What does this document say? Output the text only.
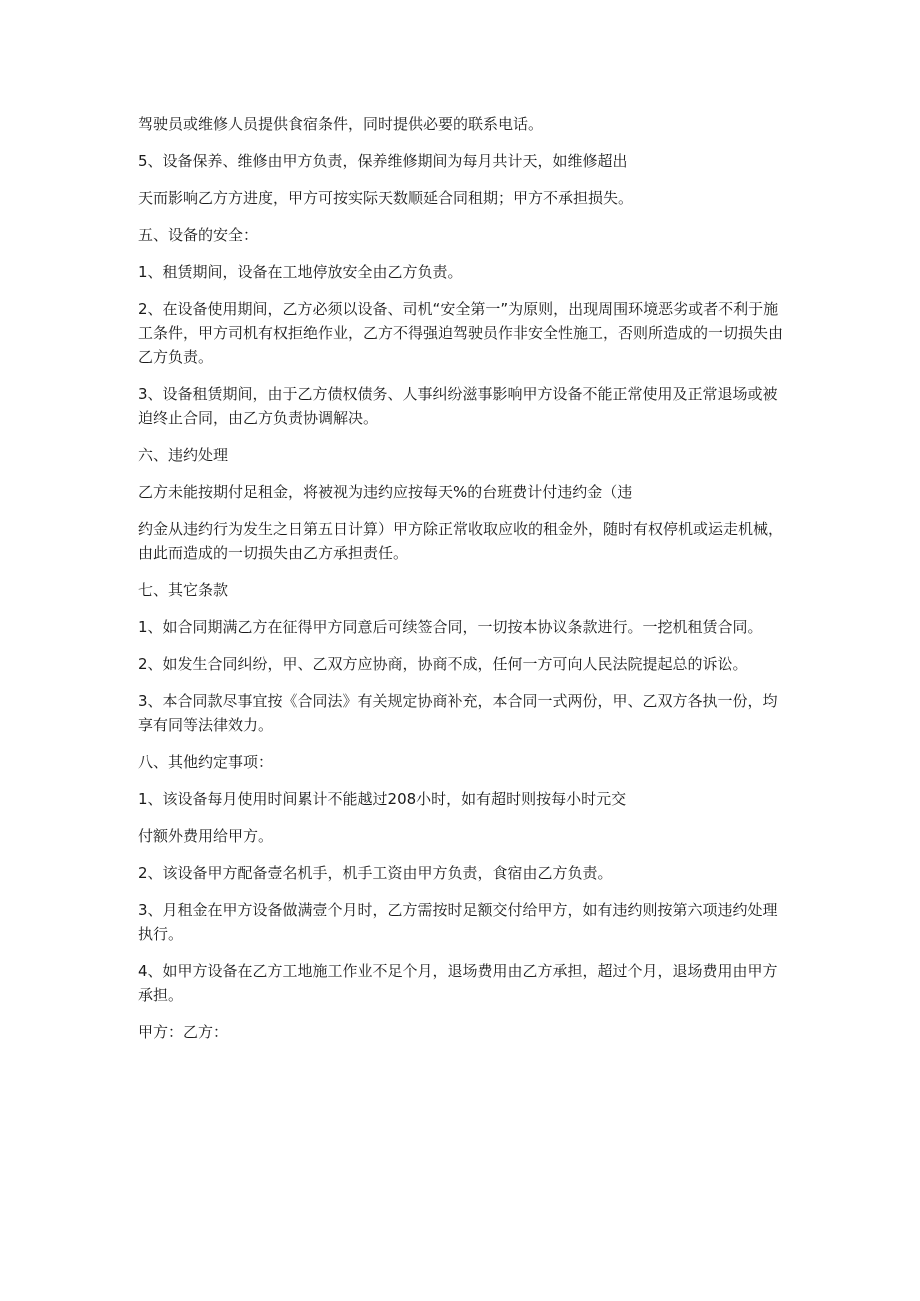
驾驶员或维修人员提供食宿条件，同时提供必要的联系电话。

5、设备保养、维修由甲方负责，保养维修期间为每月共计天，如维修超出

天而影响乙方方进度，甲方可按实际天数顺延合同租期；甲方不承担损失。

五、设备的安全：

1、租赁期间，设备在工地停放安全由乙方负责。

2、在设备使用期间，乙方必须以设备、司机“安全第一”为原则，出现周围环境恶劣或者不利于施工条件，甲方司机有权拒绝作业，乙方不得强迫驾驶员作非安全性施工，否则所造成的一切损失由乙方负责。

3、设备租赁期间，由于乙方债权债务、人事纠纷滋事影响甲方设备不能正常使用及正常退场或被迫终止合同，由乙方负责协调解决。

六、违约处理

乙方未能按期付足租金，将被视为违约应按每天%的台班费计付违约金（违

约金从违约行为发生之日第五日计算）甲方除正常收取应收的租金外，随时有权停机或运走机械，由此而造成的一切损失由乙方承担责任。

七、其它条款

1、如合同期满乙方在征得甲方同意后可续签合同，一切按本协议条款进行。一挖机租赁合同。

2、如发生合同纠纷，甲、乙双方应协商，协商不成，任何一方可向人民法院提起总的诉讼。

3、本合同款尽事宜按《合同法》有关规定协商补充，本合同一式两份，甲、乙双方各执一份，均享有同等法律效力。

八、其他约定事项：

1、该设备每月使用时间累计不能越过208小时，如有超时则按每小时元交

付额外费用给甲方。

2、该设备甲方配备壹名机手，机手工资由甲方负责，食宿由乙方负责。

3、月租金在甲方设备做满壹个月时，乙方需按时足额交付给甲方，如有违约则按第六项违约处理执行。

4、如甲方设备在乙方工地施工作业不足个月，退场费用由乙方承担，超过个月，退场费用由甲方承担。

甲方：乙方：
